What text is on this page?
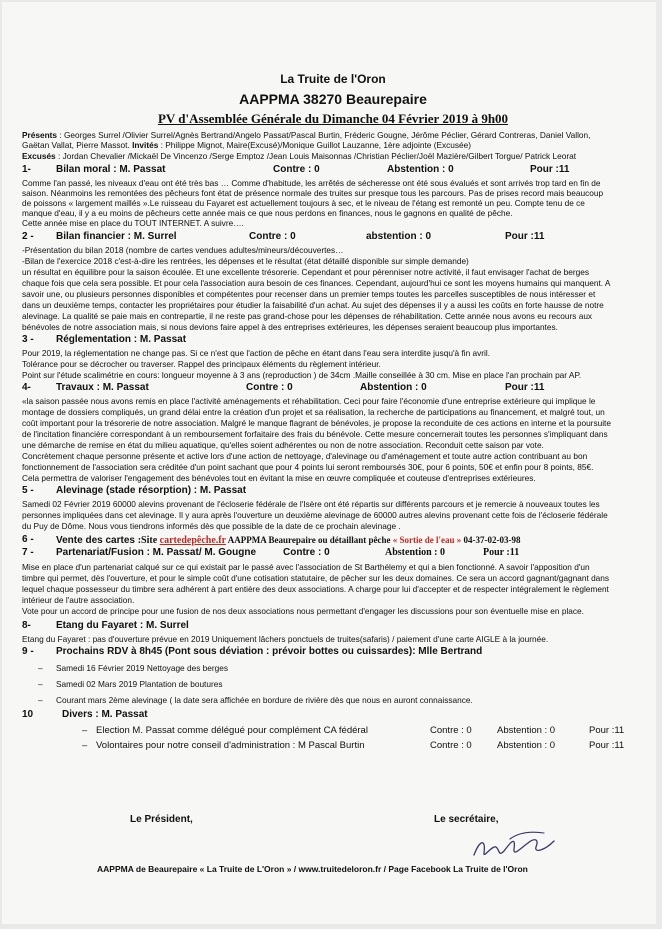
La Truite de l'Oron
AAPPMA 38270 Beaurepaire
PV d'Assemblée Générale du Dimanche 04 Février 2019 à 9h00
Présents : Georges Surrel /Olivier Surrel/Agnès Bertrand/Angelo Passat/Pascal Burtin, Fréderic Gougne, Jérôme Péclier, Gérard Contreras, Daniel Vallon,
Gaëtan Vallat, Pierre Massot. Invités : Philippe Mignot, Maire(Excusé)/Monique Guillot Lauzanne, 1ère adjointe (Excusée)
Excusés : Jordan Chevalier /Mickaël De Vincenzo /Serge Emptoz /Jean Louis Maisonnas /Christian Péclier/Joël Mazière/Gilbert Torgue/ Patrick Leorat
1-	Bilan moral : M. Passat	Contre : 0	Abstention : 0	Pour :11
Comme l'an passé, les niveaux d'eau ont été très bas … Comme d'habitude, les arrêtés de sécheresse ont été sous évalués et sont arrivés trop tard en fin de
saison. Néanmoins les remontées des pêcheurs font état de présence normale des truites sur presque tous les parcours. Pas de prises record mais beaucoup
de poissons « largement maillés ».Le ruisseau du Fayaret est actuellement toujours à sec, et le niveau de l'étang est remonté un peu. Compte tenu de ce
manque d'eau, il y a eu moins de pêcheurs cette année mais ce que nous perdons en finances, nous le gagnons en qualité de pêche.
Cette année mise en place du TOUT INTERNET. A suivre….
2 - Bilan financier : M. Surrel	Contre : 0	abstention : 0	Pour :11
-Présentation du bilan 2018 (nombre de cartes vendues adultes/mineurs/découvertes…
-Bilan de l'exercice 2018 c'est-à-dire les rentrées, les dépenses et le résultat (état détaillé disponible sur simple demande)
un résultat en équilibre pour la saison écoulée. Et une excellente trésorerie. Cependant et pour pérenniser notre activité, il faut envisager l'achat de berges
chaque fois que cela sera possible. Et pour cela l'association aura besoin de ces finances. Cependant, aujourd'hui ce sont les moyens humains qui manquent. A
savoir une, ou plusieurs personnes disponibles et compétentes pour recenser dans un premier temps toutes les parcelles susceptibles de nous intéresser et
dans un deuxième temps, contacter les propriétaires pour étudier la faisabilité d'un achat. Au sujet des dépenses il y a aussi les coûts en forte hausse de notre
alevinage. La qualité se paie mais en contrepartie, il ne reste pas grand-chose pour les dépenses de réhabilitation. Cette année nous avons eu recours aux
bénévoles de notre association mais, si nous devions faire appel à des entreprises extérieures, les dépenses seraient beaucoup plus importantes.
3 - Réglementation : M. Passat
Pour 2019, la réglementation ne change pas. Si ce n'est que l'action de pêche en étant dans l'eau sera interdite jusqu'à fin avril.
Tolérance pour se décrocher ou traverser. Rappel des principaux éléments du règlement intérieur.
Point sur l'étude scalimétrie en cours: longueur moyenne à 3 ans (reproduction ) de 34cm .Maille conseillée à 30 cm. Mise en place l'an prochain par AP.
4-	Travaux : M. Passat	Contre : 0	Abstention : 0	Pour :11
«la saison passée nous avons remis en place l'activité aménagements et réhabilitation. Ceci pour faire l'économie d'une entreprise extérieure qui implique le
montage de dossiers compliqués, un grand délai entre la création d'un projet et sa réalisation, la recherche de participations au financement, et malgré tout, un
coût important pour la trésorerie de notre association. Malgré le manque flagrant de bénévoles, je propose la reconduite de ces actions en interne et la poursuite
de l'incitation financière correspondant à un remboursement forfaitaire des frais du bénévole. Cette mesure concernerait toutes les personnes s'impliquant dans
une démarche de remise en état du milieu aquatique, qu'elles soient adhérentes ou non de notre association. Reconduit cette saison par vote.
Concrètement chaque personne présente et active lors d'une action de nettoyage, d'alevinage ou d'aménagement et toute autre action contribuant au bon
fonctionnement de l'association sera créditée d'un point sachant que pour 4 points lui seront remboursés 30€, pour 6 points, 50€ et enfin pour 8 points, 85€.
Cela permettra de valoriser l'engagement des bénévoles tout en évitant la mise en œuvre compliquée et couteuse d'entreprises extérieures.
5 - Alevinage (stade résorption) : M. Passat
Samedi 02 Février 2019 60000 alevins provenant de l'écloserie fédérale de l'Isère ont été répartis sur différents parcours et je remercie à nouveaux toutes les
personnes impliquées dans cet alevinage. Il y aura après l'ouverture un deuxième alevinage de 60000 autres alevins provenant cette fois de l'écloserie fédérale
du Puy de Dôme. Nous vous tiendrons informés dès que possible de la date de ce prochain alevinage .
6 - Vente des cartes :Site cartedepêche.fr AAPPMA Beaurepaire ou détaillant pêche « Sortie de l'eau » 04-37-02-03-98
7 - Partenariat/Fusion : M. Passat/ M. Gougne	Contre : 0	Abstention : 0	Pour :11
Mise en place d'un partenariat calqué sur ce qui existait par le passé avec l'association de St Barthélemy et qui a bien fonctionné. A savoir l'apposition d'un
timbre qui permet, dès l'ouverture, et pour le simple coût d'une cotisation statutaire, de pêcher sur les deux domaines. Ce sera un accord gagnant/gagnant dans
lequel chaque possesseur du timbre sera adhérent à part entière des deux associations. A charge pour lui d'accepter et de respecter intégralement le règlement
intérieur de l'autre association.
Vote pour un accord de principe pour une fusion de nos deux associations nous permettant d'engager les discussions pour son éventuelle mise en place.
8-	Etang du Fayaret : M. Surrel
Etang du Fayaret : pas d'ouverture prévue en 2019 Uniquement lâchers ponctuels de truites(safaris) / paiement d'une carte AIGLE à la journée.
9 - Prochains RDV à 8h45 (Pont sous déviation : prévoir bottes ou cuissardes): Mlle Bertrand
– Samedi 16 Février 2019 Nettoyage des berges
– Samedi 02 Mars 2019 Plantation de boutures
– Courant mars 2ème alevinage ( la date sera affichée en bordure de rivière dès que nous en auront connaissance.
10	Divers : M. Passat
– Election M. Passat comme délégué pour complément CA fédéral	Contre : 0	Abstention : 0	Pour :11
– Volontaires pour notre conseil d'administration : M Pascal Burtin	Contre : 0	Abstention : 0	Pour :11
Le Président,	Le secrétaire,
AAPPMA de Beaurepaire « La Truite de L'Oron » / www.truitedeloron.fr / Page Facebook La Truite de l'Oron
